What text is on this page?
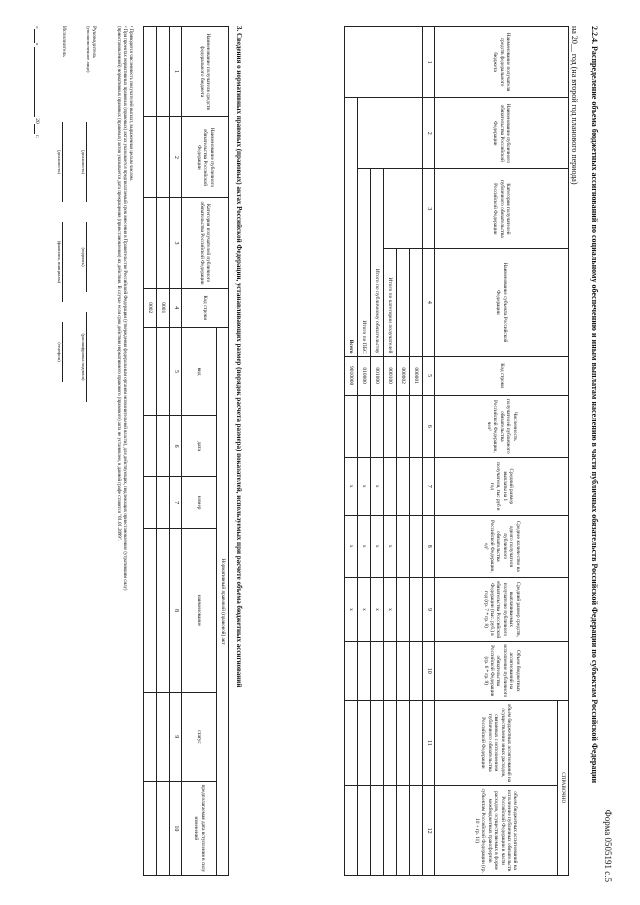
Форма 0505191 с.5
2.2.4. Распределение объема бюджетных ассигнований по социальному обеспечению и иным выплатам населению в части публичных обязательств Российской Федерации по субъектам Российской Федерации
на 20__ год (на второй год планового периода)
Наименование получателя средств федерального бюджета	Наименование публичного обязательства Российской Федерации	Категория получателей публичного обязательства Российской Федерации	Наименование субъекта Российской Федерации	Код строки	Численность получателей публичного обязательства Российской Федерации, чел¹	Средний размер выплаты на 1 получателя, тыс руб в год	Среднее количество на одного получателя публичного обязательства Российской Федерации, ед³	Средний размер средств, выплачиваемых получателю публичного обязательства Российской Федерации (тыс. руб.) в год (гр. 7 * гр. 8)	Объем бюджетных ассигнований на исполнение публичного обязательства Российской Федерации (гр. 6 * гр. 9)	СПРАВОЧНО	
										объем бюджетных ассигнований на осуществление иных расходов, связанных с исполнением публичного обязательства Российской Федерации	объем бюджетных ассигнований на исполнение публичных обязательств Российской Федерации в части расходов, осуществляемых в форме межбюджетных трансфертов субъектам Российской Федерации (гр. 10 + гр. 11)
1	2	3	4	5	6	7	8	9	10	11	12
				000001							
				000002							
			Итого по категории получателей	000100			x	x			
		Итого по публичному обязательству		001000		x	x	x			
		Итого по ПБС		010000		x	x	x			
	Всего			9010000		x	x	x			
3. Сведения о нормативных правовых (правовых) актах Российской Федерации, устанавливающих размер (порядок расчета размера) показателей, используемых при расчете объема бюджетных ассигнований
Наименование получателя средств федерального бюджета	Наименование публичного обязательства Российской Федерации	Категория получателей публичного обязательства Российской Федерации	Код строки	Нормативный правовой (правовой) акт					
				вид	дата	номер	наименование	статус	предполагаемая дата вступления в силу изменений
1	2	3	4	5	6	7	8	9	10
			0001						
			0002						
¹ Приводится численность получателей выплат, выраженная целым числом.
² При проектах нормативных правовых (правовых) актах указывается предполагаемый срок внесения в Правительство Российской Федерации (утверждения федеральным органом исполнительной власти), для действующих, подлежащих приостановлению (утратившим силу)
(приостановленной) нормативных правовых (правовых) актов указывается дата прекращения (приостановления) их действия. В случае если срок действия нормативного правового (правового) акта не установлен, в данной графе ставится "01.01.2099".
Руководитель
(уполномоченное лицо)
(должность)
(подпись)
(расшифровка подписи)
Исполнитель
(должность)
(фамилия, инициалы)
(телефон)
«»  20 г.
